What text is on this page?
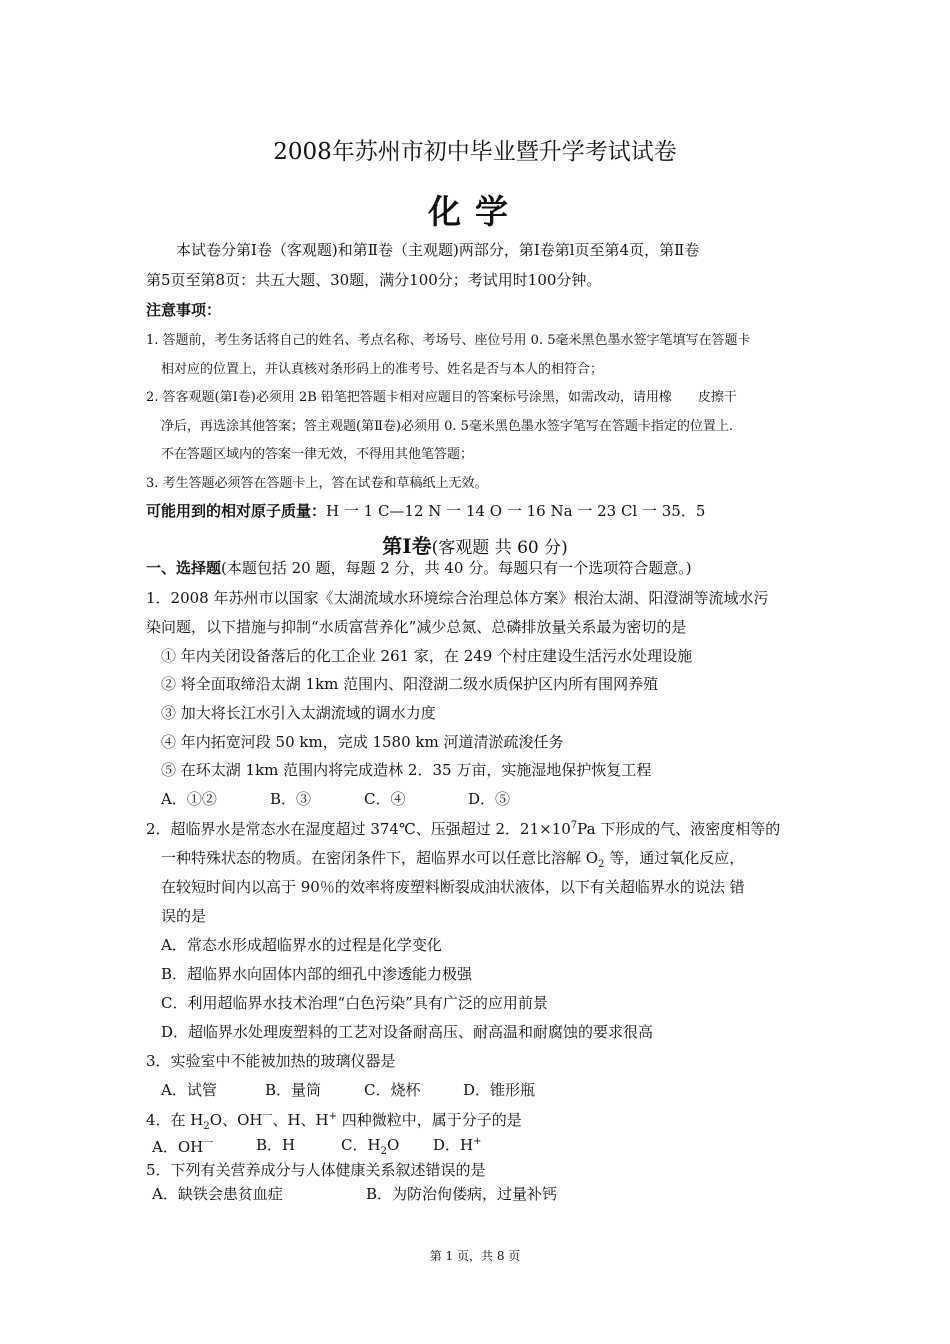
2008年苏州市初中毕业暨升学考试试卷
化学
本试卷分第Ⅰ卷（客观题)和第Ⅱ卷（主观题)两部分，第Ⅰ卷第l页至第4页，第Ⅱ卷
第5页至第8页：共五大题、30题，满分100分；考试用时100分钟。
注意事项：
1. 答题前，考生务话将自己的姓名、考点名称、考场号、座位号用 0. 5毫米黑色墨水签字笔填写在答题卡
相对应的位置上，并认真核对条形码上的准考号、姓名是否与本人的相符合；
2. 答客观题(第Ⅰ卷)必须用 2B 铅笔把答题卡相对应题目的答案标号涂黑，如需改动，请用橡　　皮擦干
净后，再选涂其他答案；答主观题(第Ⅱ卷)必须用 0. 5毫米黑色墨水签字笔写在答题卡指定的位置上.
不在答题区域内的答案一律无效，不得用其他笔答题；
3. 考生答题必须答在答题卡上，答在试卷和草稿纸上无效。
可能用到的相对原子质量：H 一 1 C—12 N 一 14 O 一 16 Na 一 23 Cl 一 35．5
第Ⅰ卷(客观题 共 60 分)
一、选择题(本题包括 20 题，每题 2 分，共 40 分。每题只有一个选项符合题意。)
1．2008 年苏州市以国家《太湖流域水环境综合治理总体方案》根治太湖、阳澄湖等流域水污
染问题，以下措施与抑制“水质富营养化”减少总氮、总磷排放量关系最为密切的是
① 年内关闭设备落后的化工企业 261 家，在 249 个村庄建设生活污水处理设施
② 将全面取缔沿太湖 1km 范围内、阳澄湖二级水质保护区内所有围网养殖
③ 加大将长江水引入太湖流域的调水力度
④ 年内拓宽河段 50 km，完成 1580 km 河道清淤疏浚任务
⑤ 在环太湖 1km 范围内将完成造林 2．35 万亩，实施湿地保护恢复工程
A．①②	B．③	C．④	D．⑤
2．超临界水是常态水在湿度超过 374℃、压强超过 2．$21\times 10^7Pa$ 下形成的气、液密度相等的
一种特殊状态的物质。在密闭条件下，超临界水可以任意比溶解 $O_2$ 等，通过氧化反应，
在较短时间内以高于 90％的效率将废塑料断裂成油状液体，以下有关超临界水的说法 错
误的是
A．常态水形成超临界水的过程是化学变化
B．超临界水向固体内部的细孔中渗透能力极强
C．利用超临界水技术治理“白色污染”具有广泛的应用前景
D．超临界水处理废塑料的工艺对设备耐高压、耐高温和耐腐蚀的要求很高
3．实验室中不能被加热的玻璃仪器是
A．试管	B．量筒	C．烧杯	D．锥形瓶
4．在 $H_2O$、$OH^一$、H、H+ 四种微粒中，属于分子的是
A．$OH^一$	B．H	C．$H_2O$ D．H+
5．下列有关营养成分与人体健康关系叙述错误的是
A．缺铁会患贫血症	B．为防治佝偻病，过量补钙
第 1 页，共 8 页
